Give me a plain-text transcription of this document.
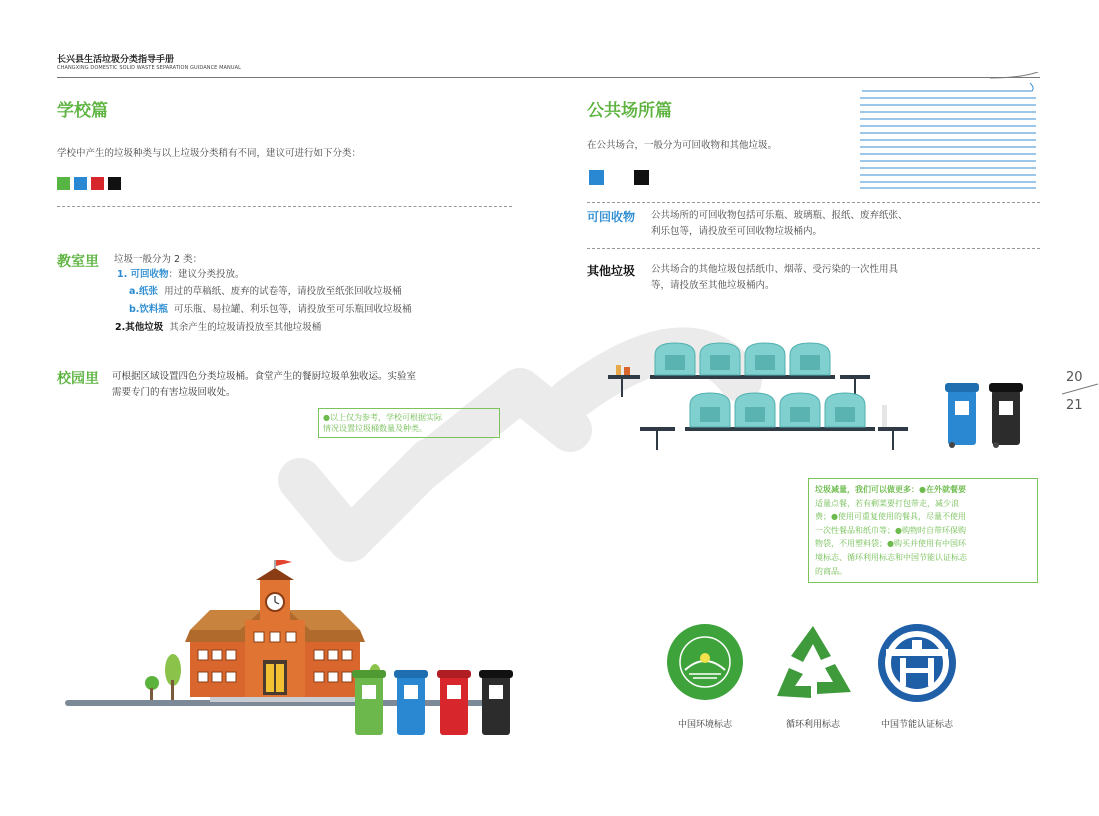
长兴县生活垃圾分类指导手册
CHANGXING DOMESTIC SOLID WASTE SEPARATION GUIDANCE MANUAL
学校篇
学校中产生的垃圾种类与以上垃圾分类稍有不同，建议可进行如下分类：
教室里 垃圾一般分为 2 类：
1. 可回收物：建议分类投放。
a.纸张 用过的草稿纸、废弃的试卷等，请投放至纸张回收垃圾桶
b.饮料瓶 可乐瓶、易拉罐、利乐包等，请投放至可乐瓶回收垃圾桶
2.其他垃圾 其余产生的垃圾请投放至其他垃圾桶
校园里 可根据区域设置四色分类垃圾桶。食堂产生的餐厨垃圾单独收运。实验室
需要专门的有害垃圾回收处。
●以上仅为参考，学校可根据实际
情况设置垃圾桶数量及种类。
公共场所篇
在公共场合，一般分为可回收物和其他垃圾。
可回收物 公共场所的可回收物包括可乐瓶、玻璃瓶、报纸、废弃纸张、
利乐包等，请投放至可回收物垃圾桶内。
其他垃圾 公共场合的其他垃圾包括纸巾、烟蒂、受污染的一次性用具
等，请投放至其他垃圾桶内。
垃圾减量，我们可以做更多：●在外就餐要
适量点餐，若有剩菜要打包带走，减少浪
费；●使用可重复使用的餐具，尽量不使用
一次性餐品和纸巾等；●购物时自带环保购
物袋，不用塑料袋；●购买并使用有中国环
境标志、循环利用标志和中国节能认证标志
的商品。
中国环境标志	循环利用标志	中国节能认证标志
20
21
